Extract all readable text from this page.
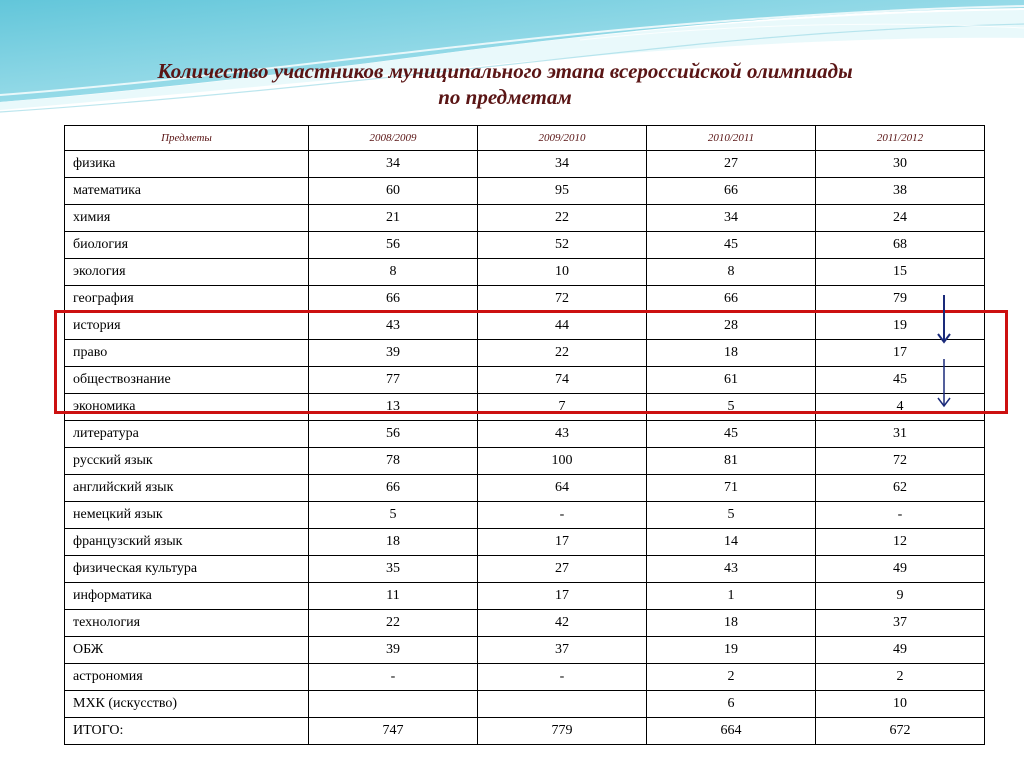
Количество участников муниципального этапа всероссийской олимпиады
по предметам
Предметы	2008/2009	2009/2010	2010/2011	2011/2012
физика	34	34	27	30
математика	60	95	66	38
химия	21	22	34	24
биология	56	52	45	68
экология	8	10	8	15
география	66	72	66	79
история	43	44	28	19
право	39	22	18	17
обществознание	77	74	61	45
экономика	13	7	5	4
литература	56	43	45	31
русский язык	78	100	81	72
английский язык	66	64	71	62
немецкий язык	5	-	5	-
французский язык	18	17	14	12
физическая культура	35	27	43	49
информатика	11	17	1	9
технология	22	42	18	37
ОБЖ	39	37	19	49
астрономия	-	-	2	2
МХК (искусство)			6	10
ИТОГО:	747	779	664	672
